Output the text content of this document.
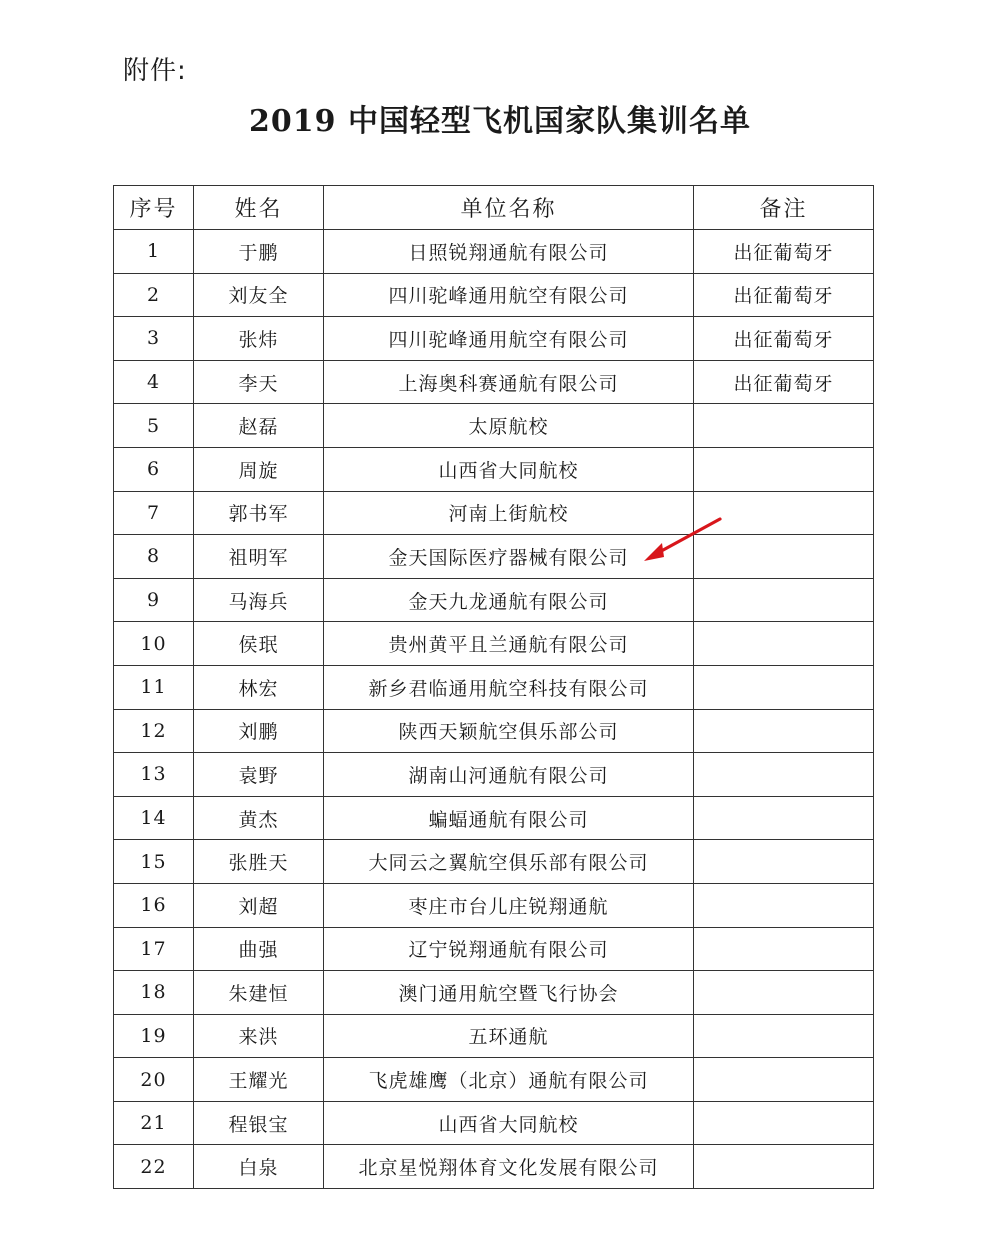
附件:
2019 中国轻型飞机国家队集训名单
序号	姓名	单位名称	备注
1	于鹏	日照锐翔通航有限公司	出征葡萄牙
2	刘友全	四川驼峰通用航空有限公司	出征葡萄牙
3	张炜	四川驼峰通用航空有限公司	出征葡萄牙
4	李天	上海奥科赛通航有限公司	出征葡萄牙
5	赵磊	太原航校	
6	周旋	山西省大同航校	
7	郭书军	河南上街航校	
8	祖明军	金天国际医疗器械有限公司	
9	马海兵	金天九龙通航有限公司	
10	侯珉	贵州黄平且兰通航有限公司	
11	林宏	新乡君临通用航空科技有限公司	
12	刘鹏	陕西天颖航空俱乐部公司	
13	袁野	湖南山河通航有限公司	
14	黄杰	蝙蝠通航有限公司	
15	张胜天	大同云之翼航空俱乐部有限公司	
16	刘超	枣庄市台儿庄锐翔通航	
17	曲强	辽宁锐翔通航有限公司	
18	朱建恒	澳门通用航空暨飞行协会	
19	来洪	五环通航	
20	王耀光	飞虎雄鹰（北京）通航有限公司	
21	程银宝	山西省大同航校	
22	白泉	北京星悦翔体育文化发展有限公司	
